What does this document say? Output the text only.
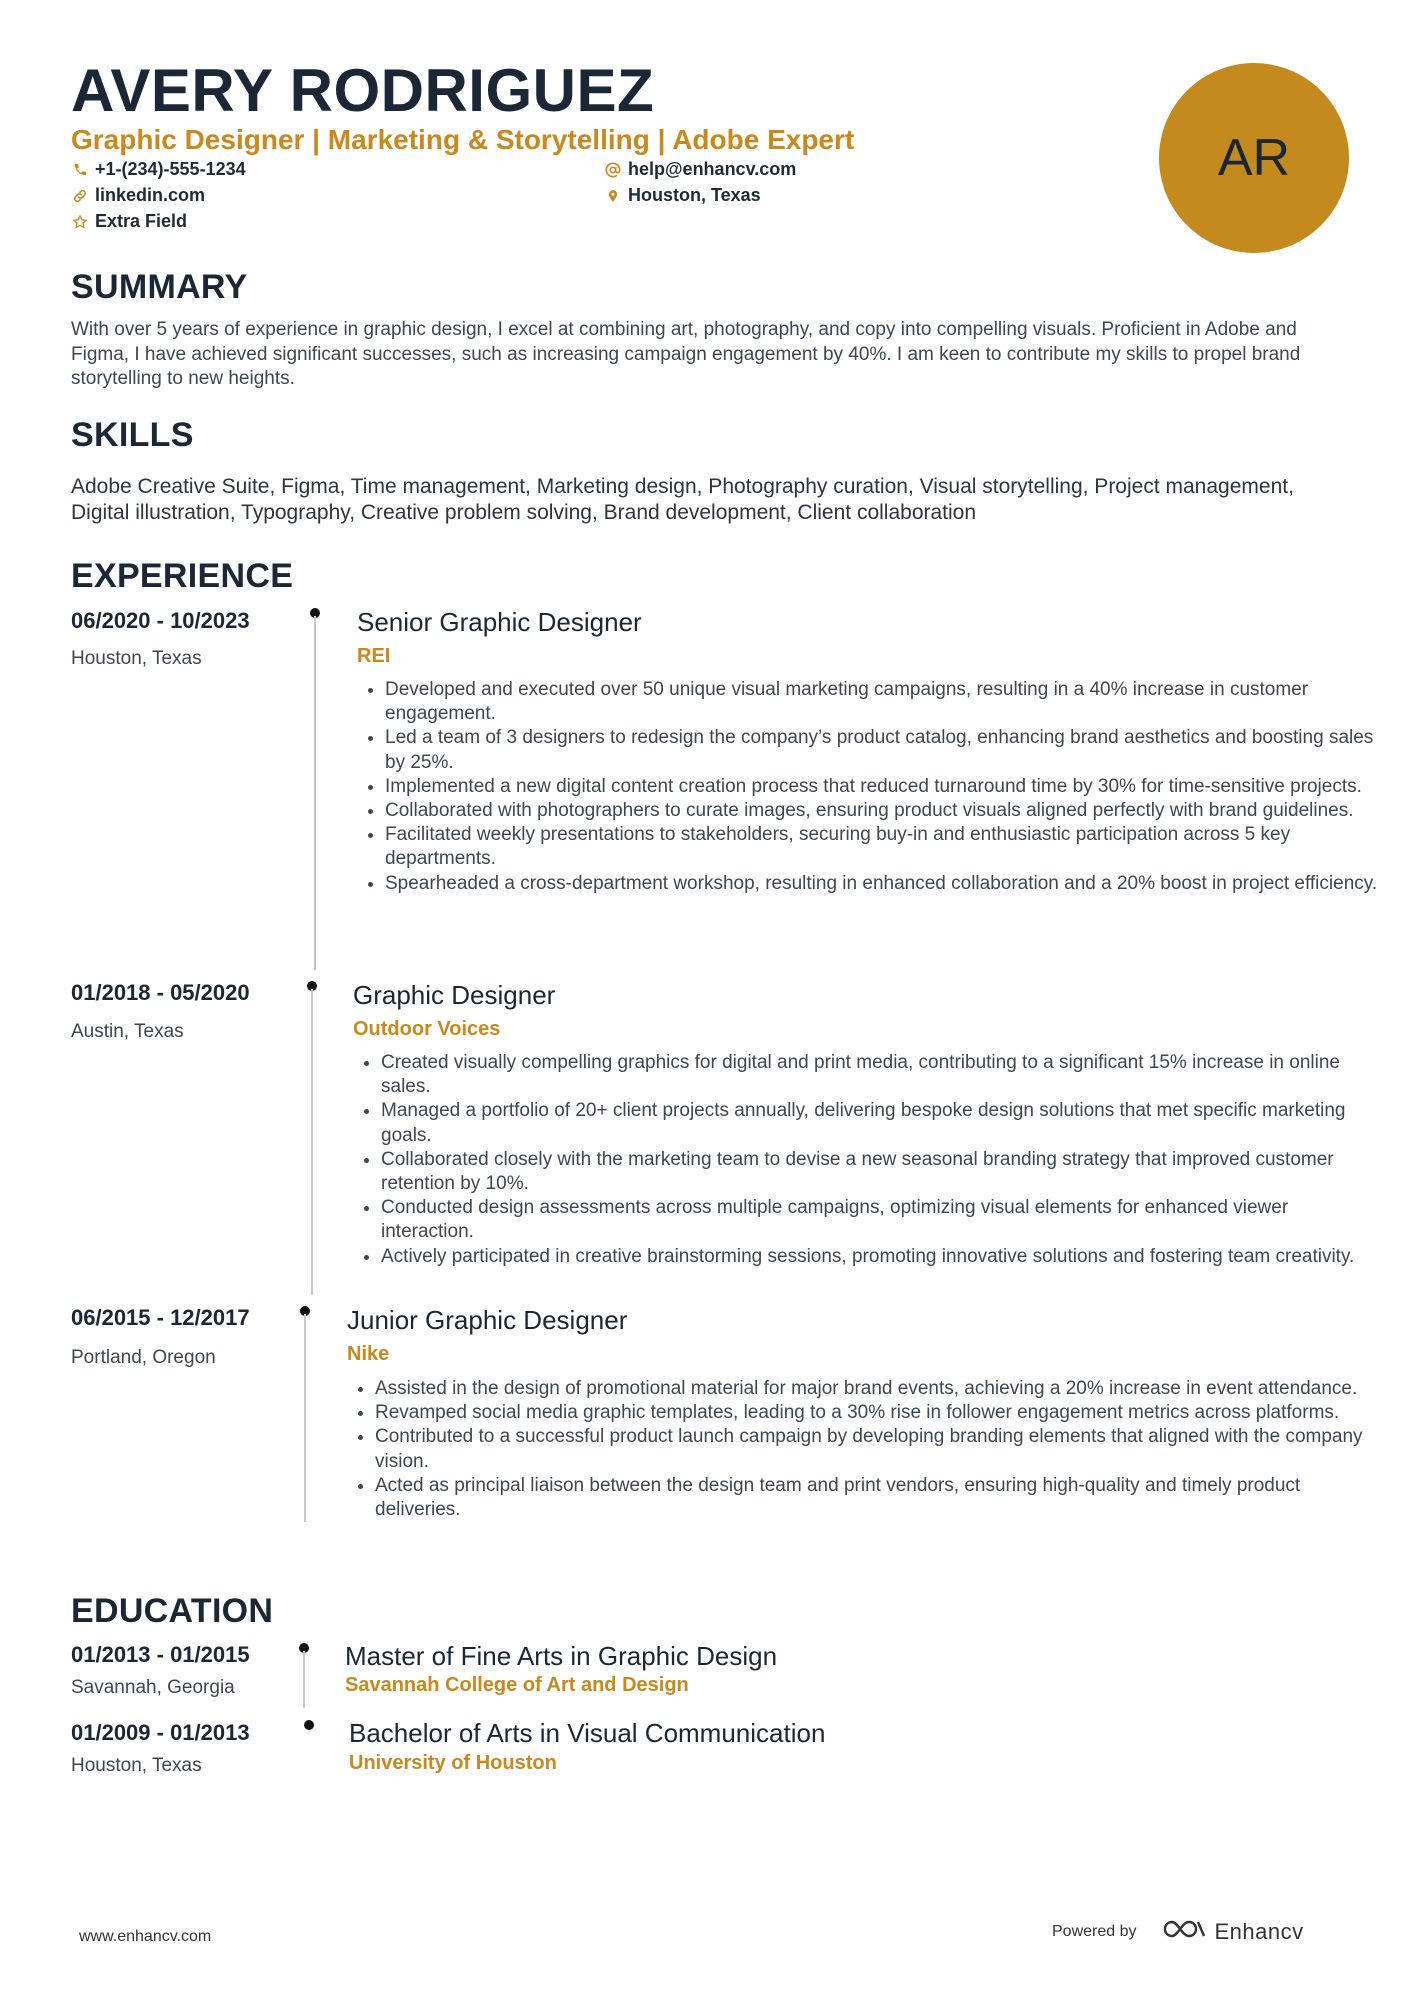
AVERY RODRIGUEZ
Graphic Designer | Marketing & Storytelling | Adobe Expert
+1-(234)-555-1234	help@enhancv.com
linkedin.com	Houston, Texas
Extra Field
AR
SUMMARY

With over 5 years of experience in graphic design, I excel at combining art, photography, and copy into compelling visuals. Proficient in Adobe and Figma, I have achieved significant successes, such as increasing campaign engagement by 40%. I am keen to contribute my skills to propel brand storytelling to new heights.

SKILLS

Adobe Creative Suite, Figma, Time management, Marketing design, Photography curation, Visual storytelling, Project management, Digital illustration, Typography, Creative problem solving, Brand development, Client collaboration

EXPERIENCE
06/2020 - 10/2023
Houston, Texas
Senior Graphic Designer
REI
• Developed and executed over 50 unique visual marketing campaigns, resulting in a 40% increase in customer engagement.
• Led a team of 3 designers to redesign the company’s product catalog, enhancing brand aesthetics and boosting sales by 25%.
• Implemented a new digital content creation process that reduced turnaround time by 30% for time-sensitive projects.
• Collaborated with photographers to curate images, ensuring product visuals aligned perfectly with brand guidelines.
• Facilitated weekly presentations to stakeholders, securing buy-in and enthusiastic participation across 5 key departments.
• Spearheaded a cross-department workshop, resulting in enhanced collaboration and a 20% boost in project efficiency.
01/2018 - 05/2020
Austin, Texas
Graphic Designer
Outdoor Voices
• Created visually compelling graphics for digital and print media, contributing to a significant 15% increase in online sales.
• Managed a portfolio of 20+ client projects annually, delivering bespoke design solutions that met specific marketing goals.
• Collaborated closely with the marketing team to devise a new seasonal branding strategy that improved customer retention by 10%.
• Conducted design assessments across multiple campaigns, optimizing visual elements for enhanced viewer interaction.
• Actively participated in creative brainstorming sessions, promoting innovative solutions and fostering team creativity.
06/2015 - 12/2017
Portland, Oregon
Junior Graphic Designer
Nike
• Assisted in the design of promotional material for major brand events, achieving a 20% increase in event attendance.
• Revamped social media graphic templates, leading to a 30% rise in follower engagement metrics across platforms.
• Contributed to a successful product launch campaign by developing branding elements that aligned with the company vision.
• Acted as principal liaison between the design team and print vendors, ensuring high-quality and timely product deliveries.
EDUCATION
01/2013 - 01/2015
Savannah, Georgia
Master of Fine Arts in Graphic Design
Savannah College of Art and Design
01/2009 - 01/2013
Houston, Texas
Bachelor of Arts in Visual Communication
University of Houston
www.enhancv.com	Powered by	Enhancv
